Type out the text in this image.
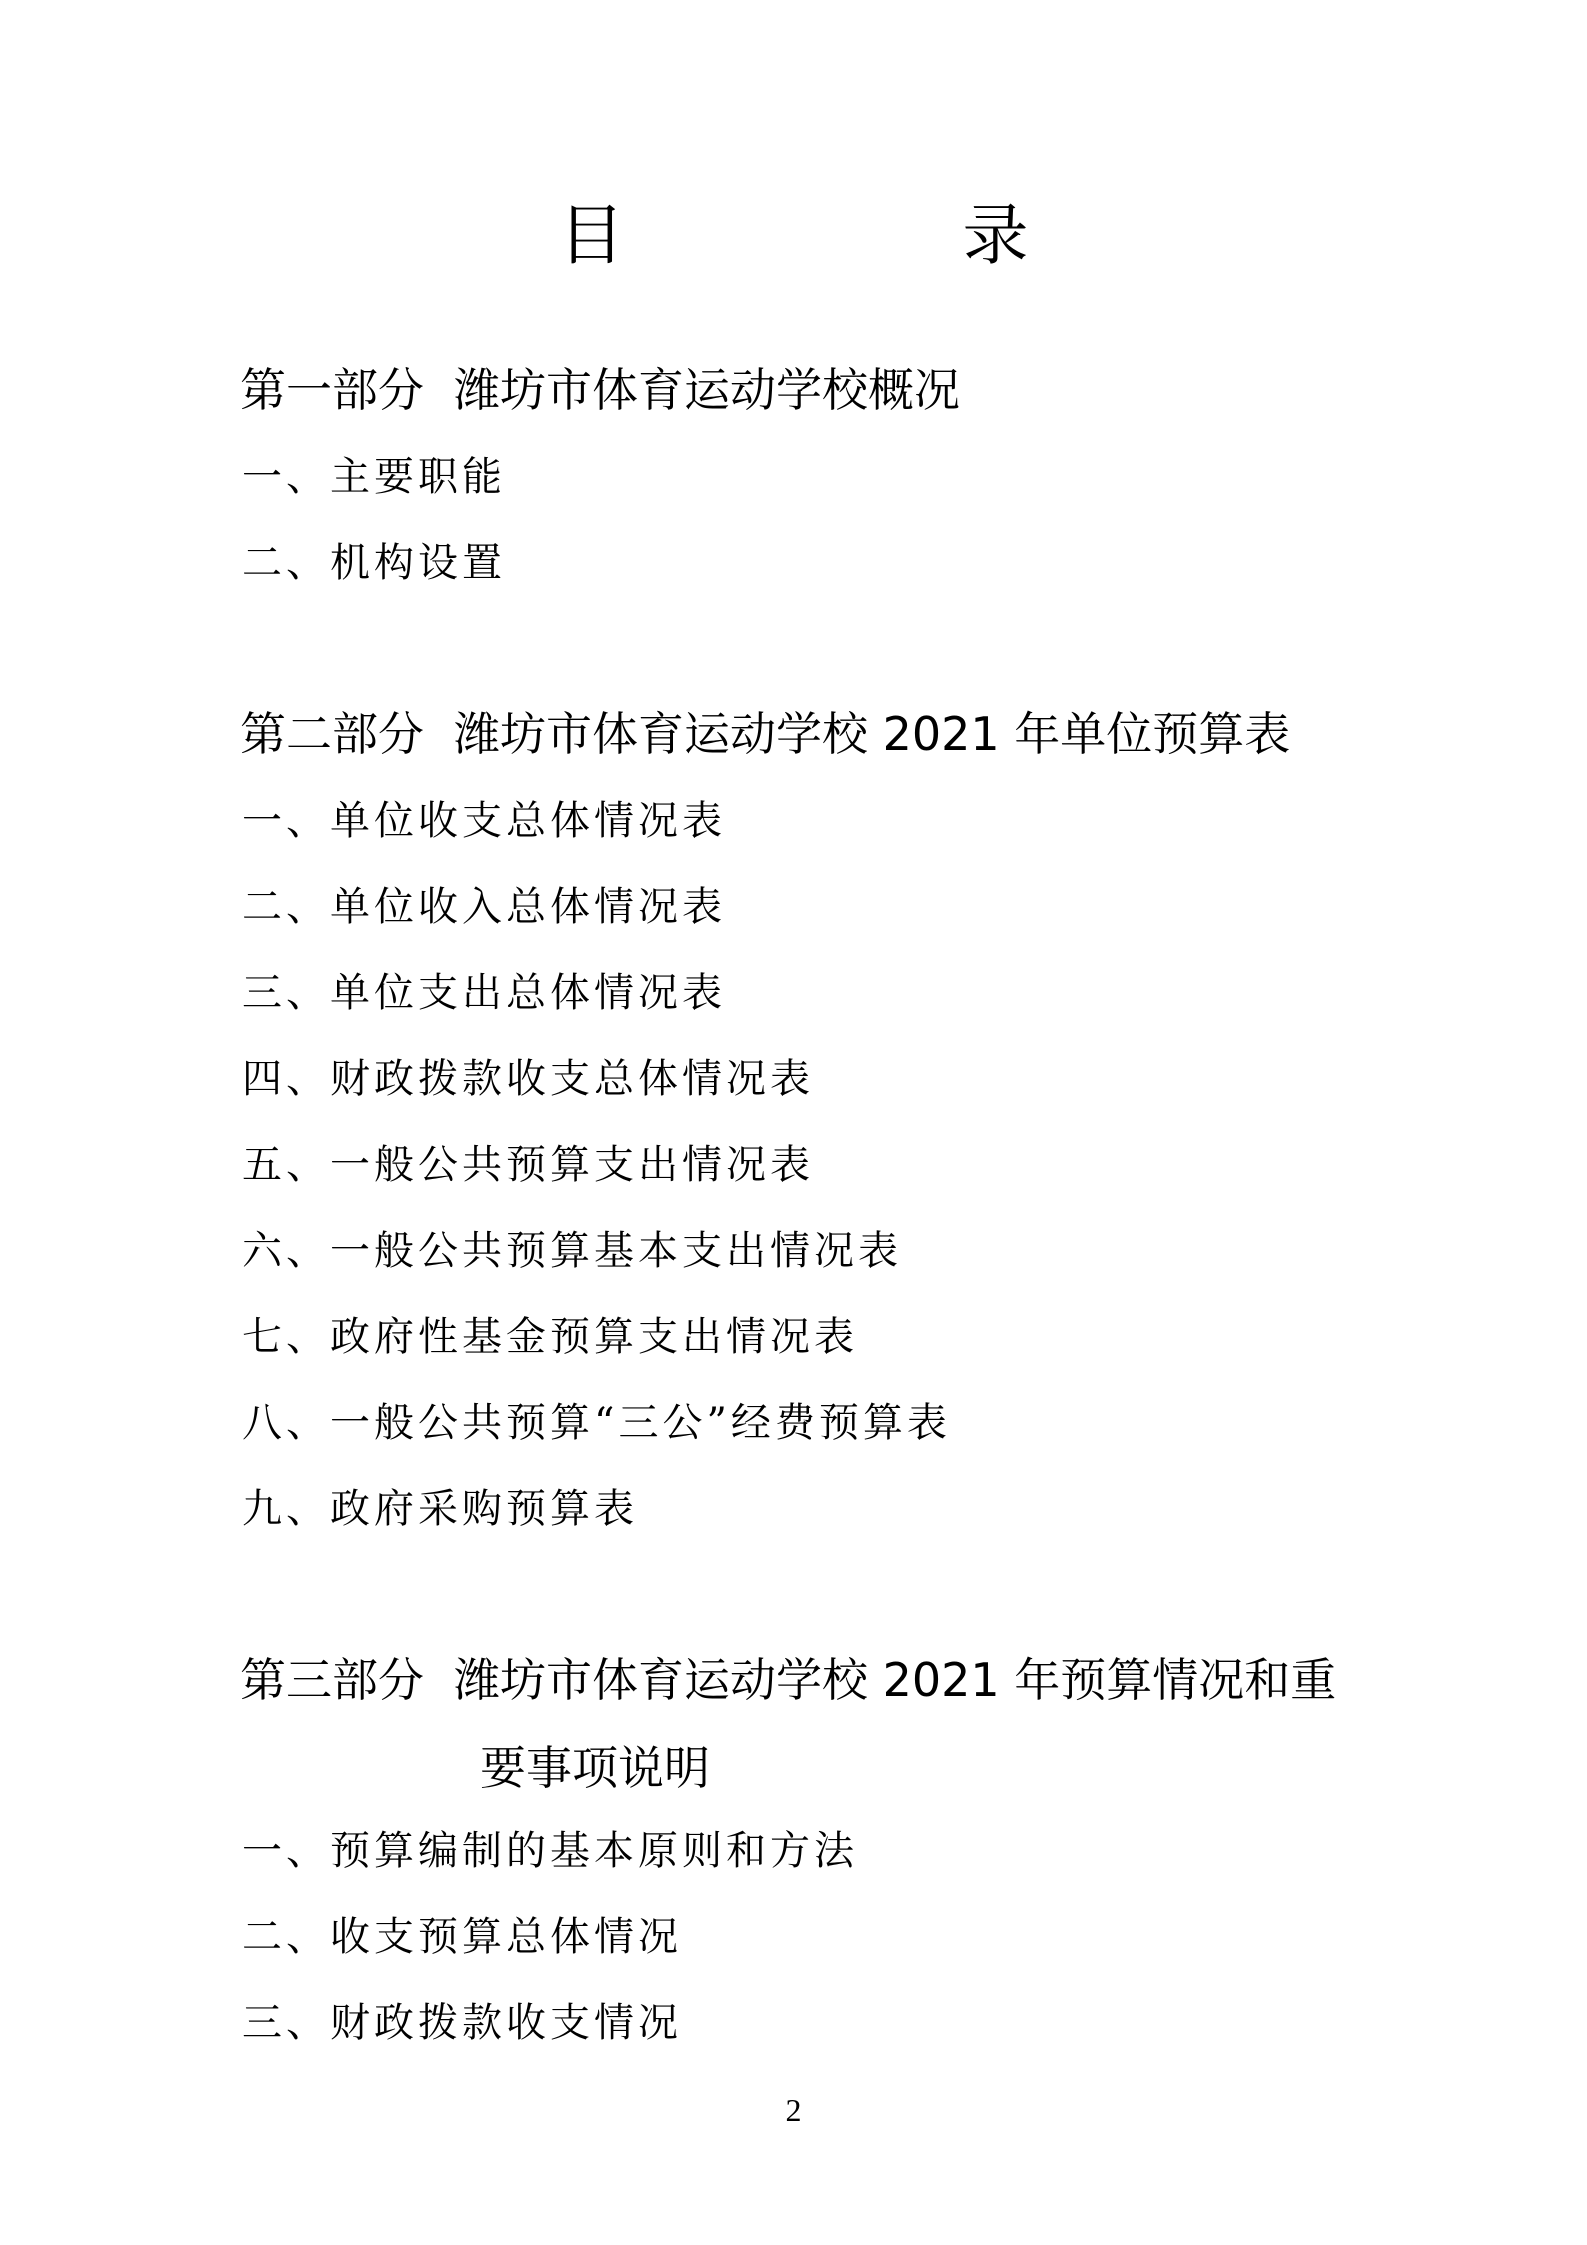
目　录
第一部分 潍坊市体育运动学校概况
一、主要职能
二、机构设置
第二部分 潍坊市体育运动学校 2021 年单位预算表
一、单位收支总体情况表
二、单位收入总体情况表
三、单位支出总体情况表
四、财政拨款收支总体情况表
五、一般公共预算支出情况表
六、一般公共预算基本支出情况表
七、政府性基金预算支出情况表
八、一般公共预算“三公”经费预算表
九、政府采购预算表
第三部分 潍坊市体育运动学校 2021 年预算情况和重
要事项说明
一、预算编制的基本原则和方法
二、收支预算总体情况
三、财政拨款收支情况
2
